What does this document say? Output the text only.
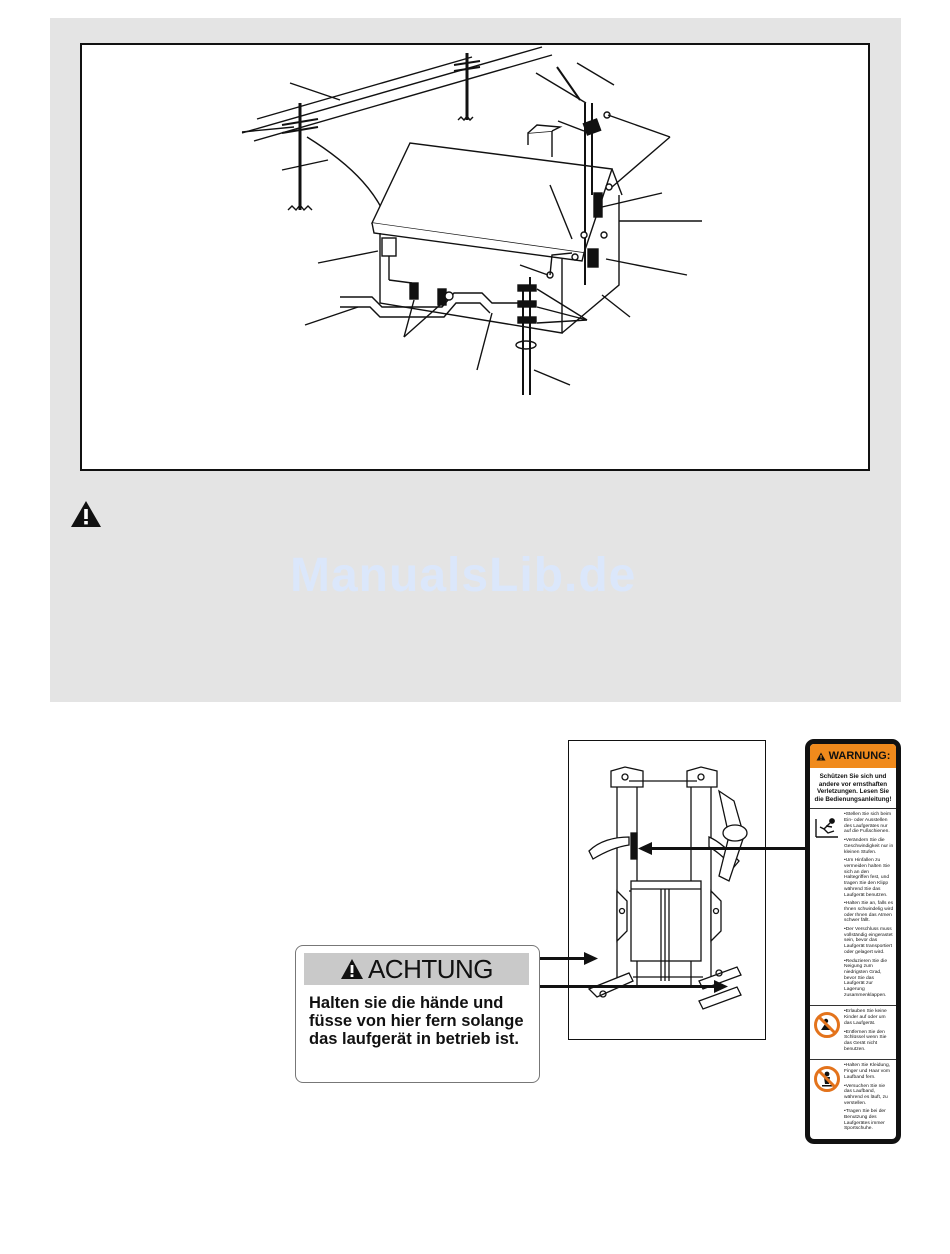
ManualsLib.de
ACHTUNG
Halten sie die hände und
füsse von hier fern solange
das laufgerät in betrieb ist.
WARNUNG:
Schützen Sie sich und
andere vor ernsthaften
Verletzungen. Lesen Sie
die Bedienungsanleitung!

•Stellen Sie sich beim Ein- oder Ausstellen des Laufgerätes nur auf die Fußschienen.

•Verändern Sie die Geschwindigkeit nur in kleinen Stufen.

•Um Hinfallen zu vermeiden halten Sie sich an den Haltegriffen fest, und tragen Sie den Klipp während Sie das Laufgerät benutzen.

•Halten Sie an, falls es Ihnen schwindelig wird oder Ihnen das Atmen schwer fällt.

•Der Verschluss muss vollständig eingerastet sein, bevor das Laufgerät transportiert oder gelagert wird.

•Reduzieren Sie die Neigung zum niedrigsten Grad, bevor Sie das Laufgerät zur Lagerung zusammenklappen.

•Erlauben Sie keine Kinder auf oder um das Laufgerät.

•Entfernen Sie den Schlüssel wenn Sie das Gerät nicht benutzen.

•Halten Sie Kleidung, Finger und Haar vom Laufband fern.

•Versuchen Sie nie das Laufband, während es läuft, zu verstellen.

•Tragen Sie bei der Benutzung des Laufgerätes immer Sportschuhe.
